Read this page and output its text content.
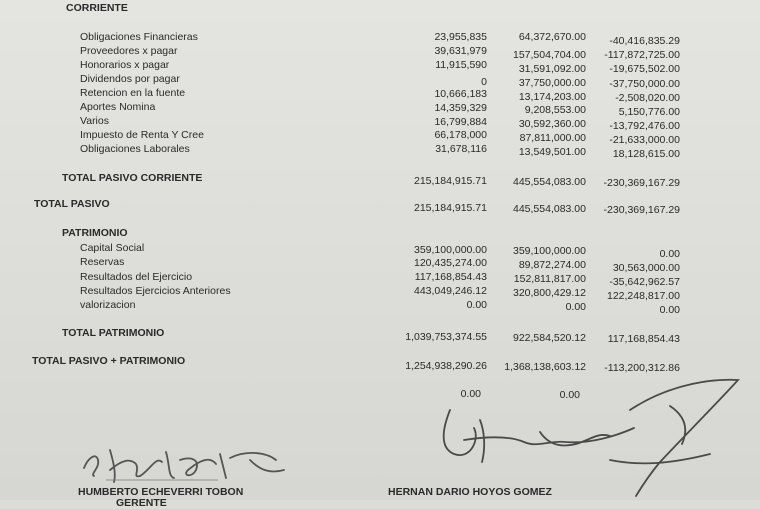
CORRIENTE
Obligaciones Financieras	23,955,835	64,372,670.00 -40,416,835.29
Proveedores x pagar	39,631,979 157,504,704.00 -117,872,725.00
Honorarios x pagar	11,915,590	31,591,092.00 -19,675,502.00
Dividendos por pagar	0	37,750,000.00 -37,750,000.00
Retencion en la fuente	10,666,183	13,174,203.00	-2,508,020.00
Aportes Nomina	14,359,329	9,208,553.00	5,150,776.00
Varios	16,799,884	30,592,360.00 -13,792,476.00
Impuesto de Renta Y Cree	66,178,000	87,811,000.00 -21,633,000.00
Obligaciones Laborales	31,678,116	13,549,501.00	18,128,615.00
TOTAL PASIVO CORRIENTE	215,184,915.71 445,554,083.00 -230,369,167.29
TOTAL PASIVO	215,184,915.71 445,554,083.00 -230,369,167.29
PATRIMONIO
Capital Social	359,100,000.00 359,100,000.00	0.00
Reservas	120,435,274.00	89,872,274.00	30,563,000.00
Resultados del Ejercicio	117,168,854.43	152,811,817.00 -35,642,962.57
Resultados Ejercicios Anteriores	443,049,246.12 320,800,429.12 122,248,817.00
valorizacion	0.00	0.00	0.00
TOTAL PATRIMONIO	1,039,753,374.55 922,584,520.12 117,168,854.43
TOTAL PASIVO + PATRIMONIO	1,254,938,290.26 1,368,138,603.12 -113,200,312.86
0.00	0.00
HUMBERTO ECHEVERRI TOBON
GERENTE
HERNAN DARIO HOYOS GOMEZ
